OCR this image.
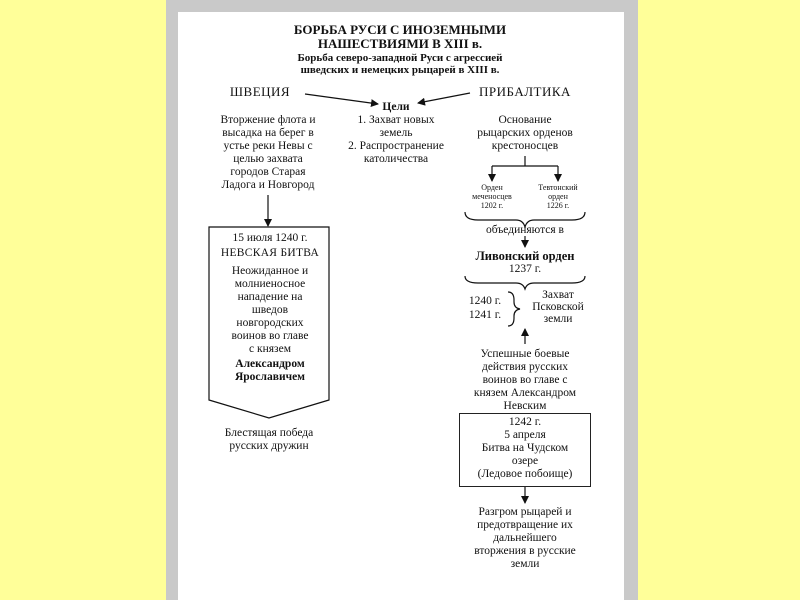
БОРЬБА РУСИ С ИНОЗЕМНЫМИ
НАШЕСТВИЯМИ В XIII в.
Борьба северо-западной Руси с агрессией
шведских и немецких рыцарей в XIII в.
ШВЕЦИЯ	ПРИБАЛТИКА
Цели
1. Захват новых
земель
2. Распространение
католичества
Вторжение флота и
высадка на берег в
устье реки Невы с
целью захвата
городов Старая
Ладога и Новгород
Основание
рыцарских орденов
крестоносцев
Орден
меченосцев
1202 г.
Тевтонский
орден
1226 г.
объединяются в
Ливонский орден
1237 г.
1240 г.
1241 г.
Захват
Псковской
земли
15 июля 1240 г.
НЕВСКАЯ БИТВА
Неожиданное и
молниеносное
нападение на
шведов
новгородских
воинов во главе
с князем
Александром
Ярославичем
Блестящая победа
русских дружин
Успешные боевые
действия русских
воинов во главе с
князем Александром
Невским
1242 г.
5 апреля
Битва на Чудском
озере
(Ледовое побоище)
Разгром рыцарей и
предотвращение их
дальнейшего
вторжения в русские
земли
